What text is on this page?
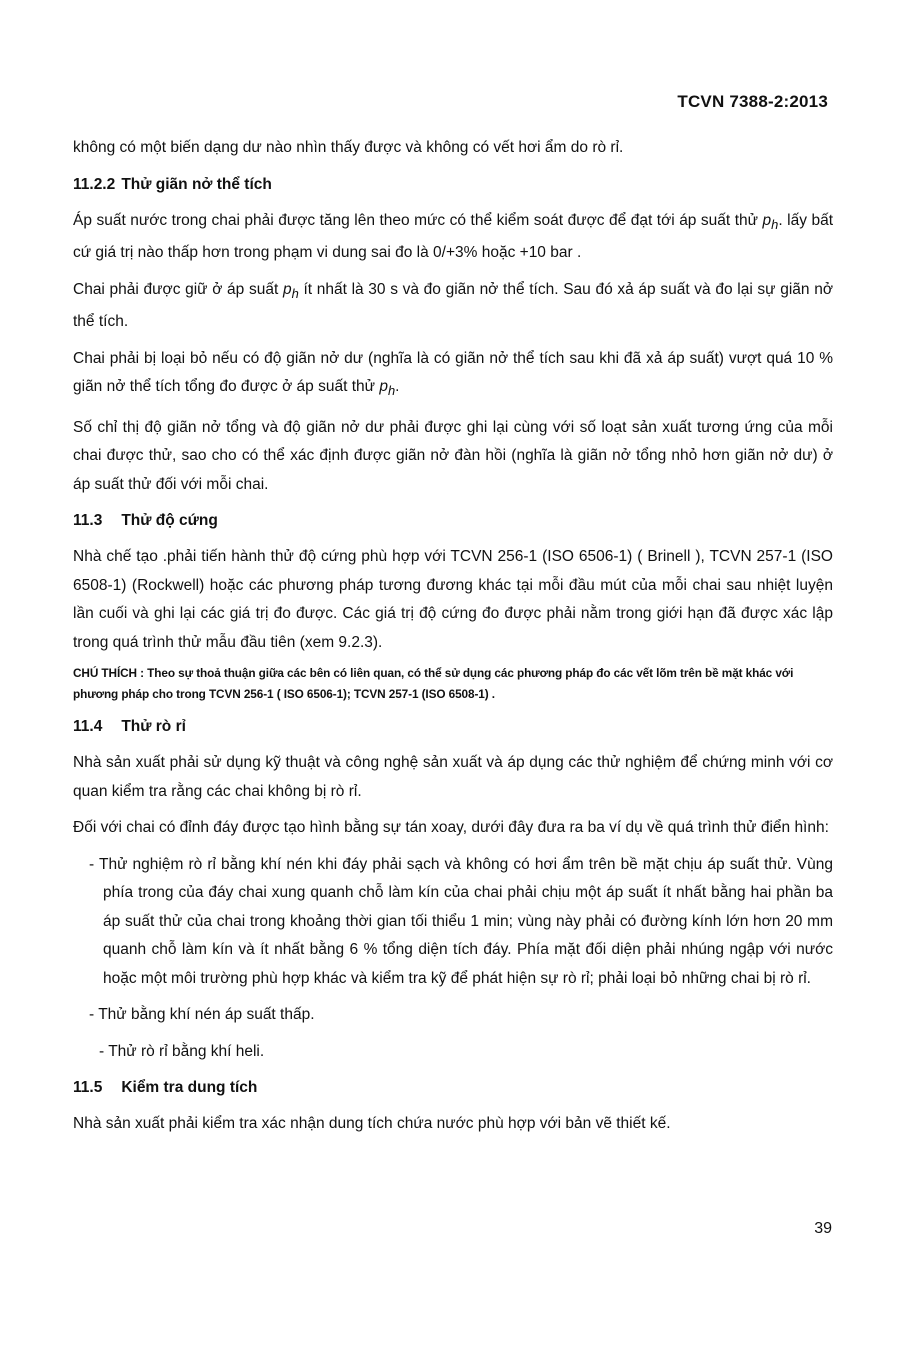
TCVN 7388-2:2013

không có một biến dạng dư nào nhìn thấy được và không có vết hơi ẩm do rò rỉ.

11.2.2 Thử giãn nở thể tích

Áp suất nước trong chai phải được tăng lên theo mức có thể kiểm soát được để đạt tới áp suất thử $p_h$. lấy bất cứ giá trị nào thấp hơn trong phạm vi dung sai đo là 0/+3% hoặc +10 bar .

Chai phải được giữ ở áp suất $p_h$ ít nhất là 30 s và đo giãn nở thể tích. Sau đó xả áp suất và đo lại sự giãn nở thể tích.

Chai phải bị loại bỏ nếu có độ giãn nở dư (nghĩa là có giãn nở thể tích sau khi đã xả áp suất) vượt quá 10 % giãn nở thể tích tổng đo được ở áp suất thử $p_h$.

Số chỉ thị độ giãn nở tổng và độ giãn nở dư phải được ghi lại cùng với số loạt sản xuất tương ứng của mỗi chai được thử, sao cho có thể xác định được giãn nở đàn hồi (nghĩa là giãn nở tổng nhỏ hơn giãn nở dư) ở áp suất thử đối với mỗi chai.

11.3 Thử độ cứng

Nhà chế tạo .phải tiến hành thử độ cứng phù hợp với TCVN 256-1 (ISO 6506-1) ( Brinell ), TCVN 257-1 (ISO 6508-1) (Rockwell) hoặc các phương pháp tương đương khác tại mỗi đầu mút của mỗi chai sau nhiệt luyện lần cuối và ghi lại các giá trị đo được. Các giá trị độ cứng đo được phải nằm trong giới hạn đã được xác lập trong quá trình thử mẫu đầu tiên (xem 9.2.3).

CHÚ THÍCH : Theo sự thoả thuận giữa các bên có liên quan, có thể sử dụng các phương pháp đo các vết lõm trên bề mặt khác với phương pháp cho trong TCVN 256-1 ( ISO 6506-1); TCVN 257-1 (ISO 6508-1) .

11.4 Thử rò rỉ

Nhà sản xuất phải sử dụng kỹ thuật và công nghệ sản xuất và áp dụng các thử nghiệm để chứng minh với cơ quan kiểm tra rằng các chai không bị rò rỉ.

Đối với chai có đỉnh đáy được tạo hình bằng sự tán xoay, dưới đây đưa ra ba ví dụ về quá trình thử điển hình:

- Thử nghiệm rò rỉ bằng khí nén khi đáy phải sạch và không có hơi ẩm trên bề mặt chịu áp suất thử. Vùng phía trong của đáy chai xung quanh chỗ làm kín của chai phải chịu một áp suất ít nhất bằng hai phần ba áp suất thử của chai trong khoảng thời gian tối thiểu 1 min; vùng này phải có đường kính lớn hơn 20 mm quanh chỗ làm kín và ít nhất bằng 6 % tổng diện tích đáy. Phía mặt đối diện phải nhúng ngập với nước hoặc một môi trường phù hợp khác và kiểm tra kỹ để phát hiện sự rò rỉ; phải loại bỏ những chai bị rò rỉ.

- Thử bằng khí nén áp suất thấp.

- Thử rò rỉ bằng khí heli.

11.5 Kiểm tra dung tích

Nhà sản xuất phải kiểm tra xác nhận dung tích chứa nước phù hợp với bản vẽ thiết kế.

39
